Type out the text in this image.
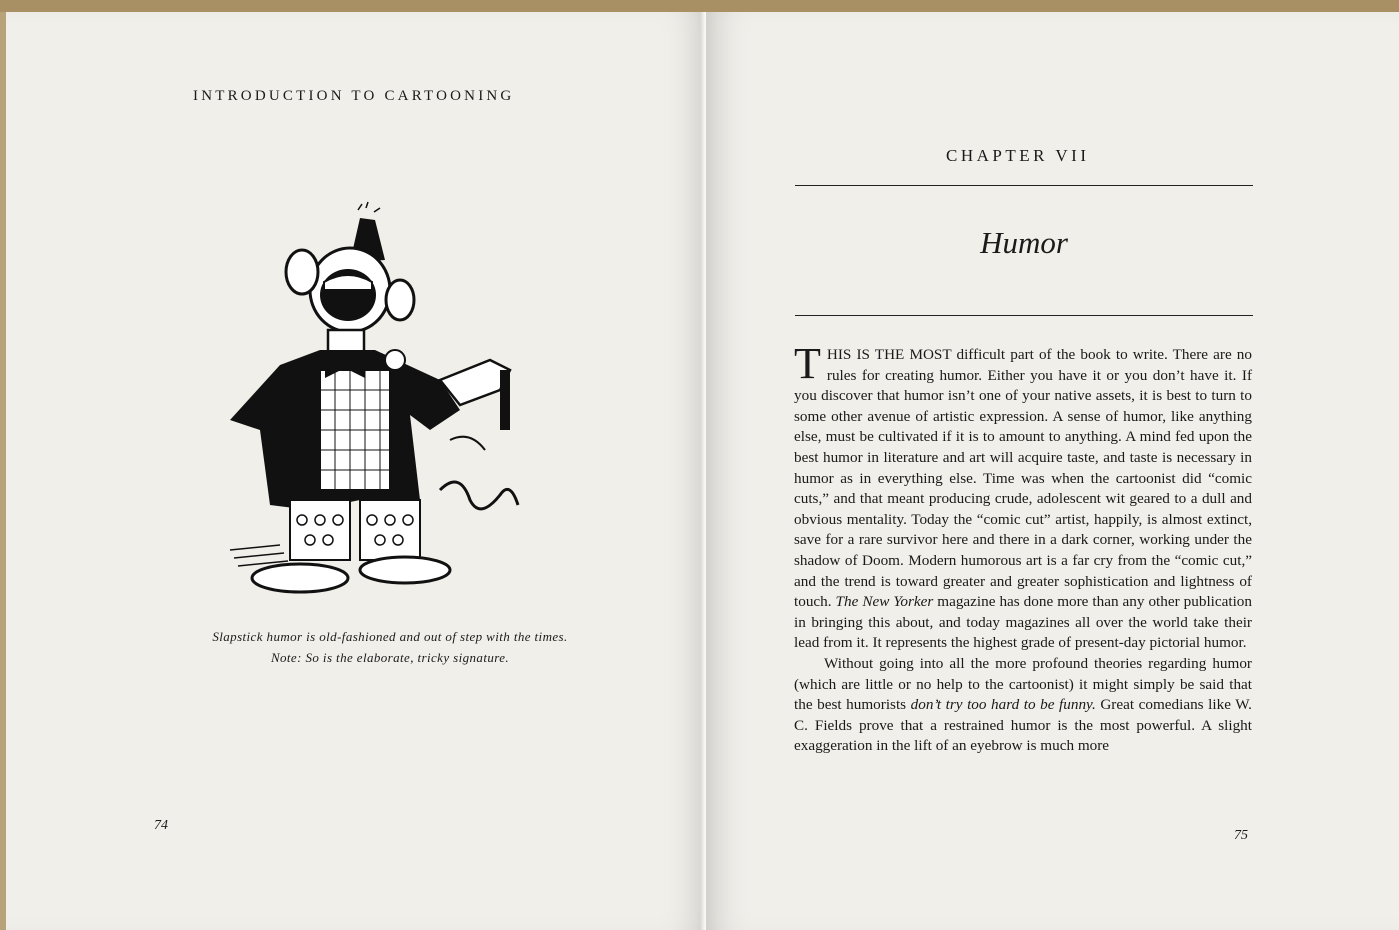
INTRODUCTION TO CARTOONING
Slapstick humor is old-fashioned and out of step with the times.
Note: So is the elaborate, tricky signature.
74
CHAPTER VII
Humor

THIS IS THE MOST difficult part of the book to write. There are no rules for creating humor. Either you have it or you don’t have it. If you discover that humor isn’t one of your native assets, it is best to turn to some other avenue of artistic expression. A sense of humor, like anything else, must be cultivated if it is to amount to anything. A mind fed upon the best humor in literature and art will acquire taste, and taste is necessary in humor as in everything else. Time was when the cartoonist did “comic cuts,” and that meant producing crude, adolescent wit geared to a dull and obvious mentality. Today the “comic cut” artist, happily, is almost extinct, save for a rare survivor here and there in a dark corner, working under the shadow of Doom. Modern humorous art is a far cry from the “comic cut,” and the trend is toward greater and greater sophistication and lightness of touch. The New Yorker magazine has done more than any other publication in bringing this about, and today magazines all over the world take their lead from it. It represents the highest grade of present-day pictorial humor.

Without going into all the more profound theories regarding humor (which are little or no help to the cartoonist) it might simply be said that the best humorists don’t try too hard to be funny. Great comedians like W. C. Fields prove that a restrained humor is the most powerful. A slight exaggeration in the lift of an eyebrow is much more

75
